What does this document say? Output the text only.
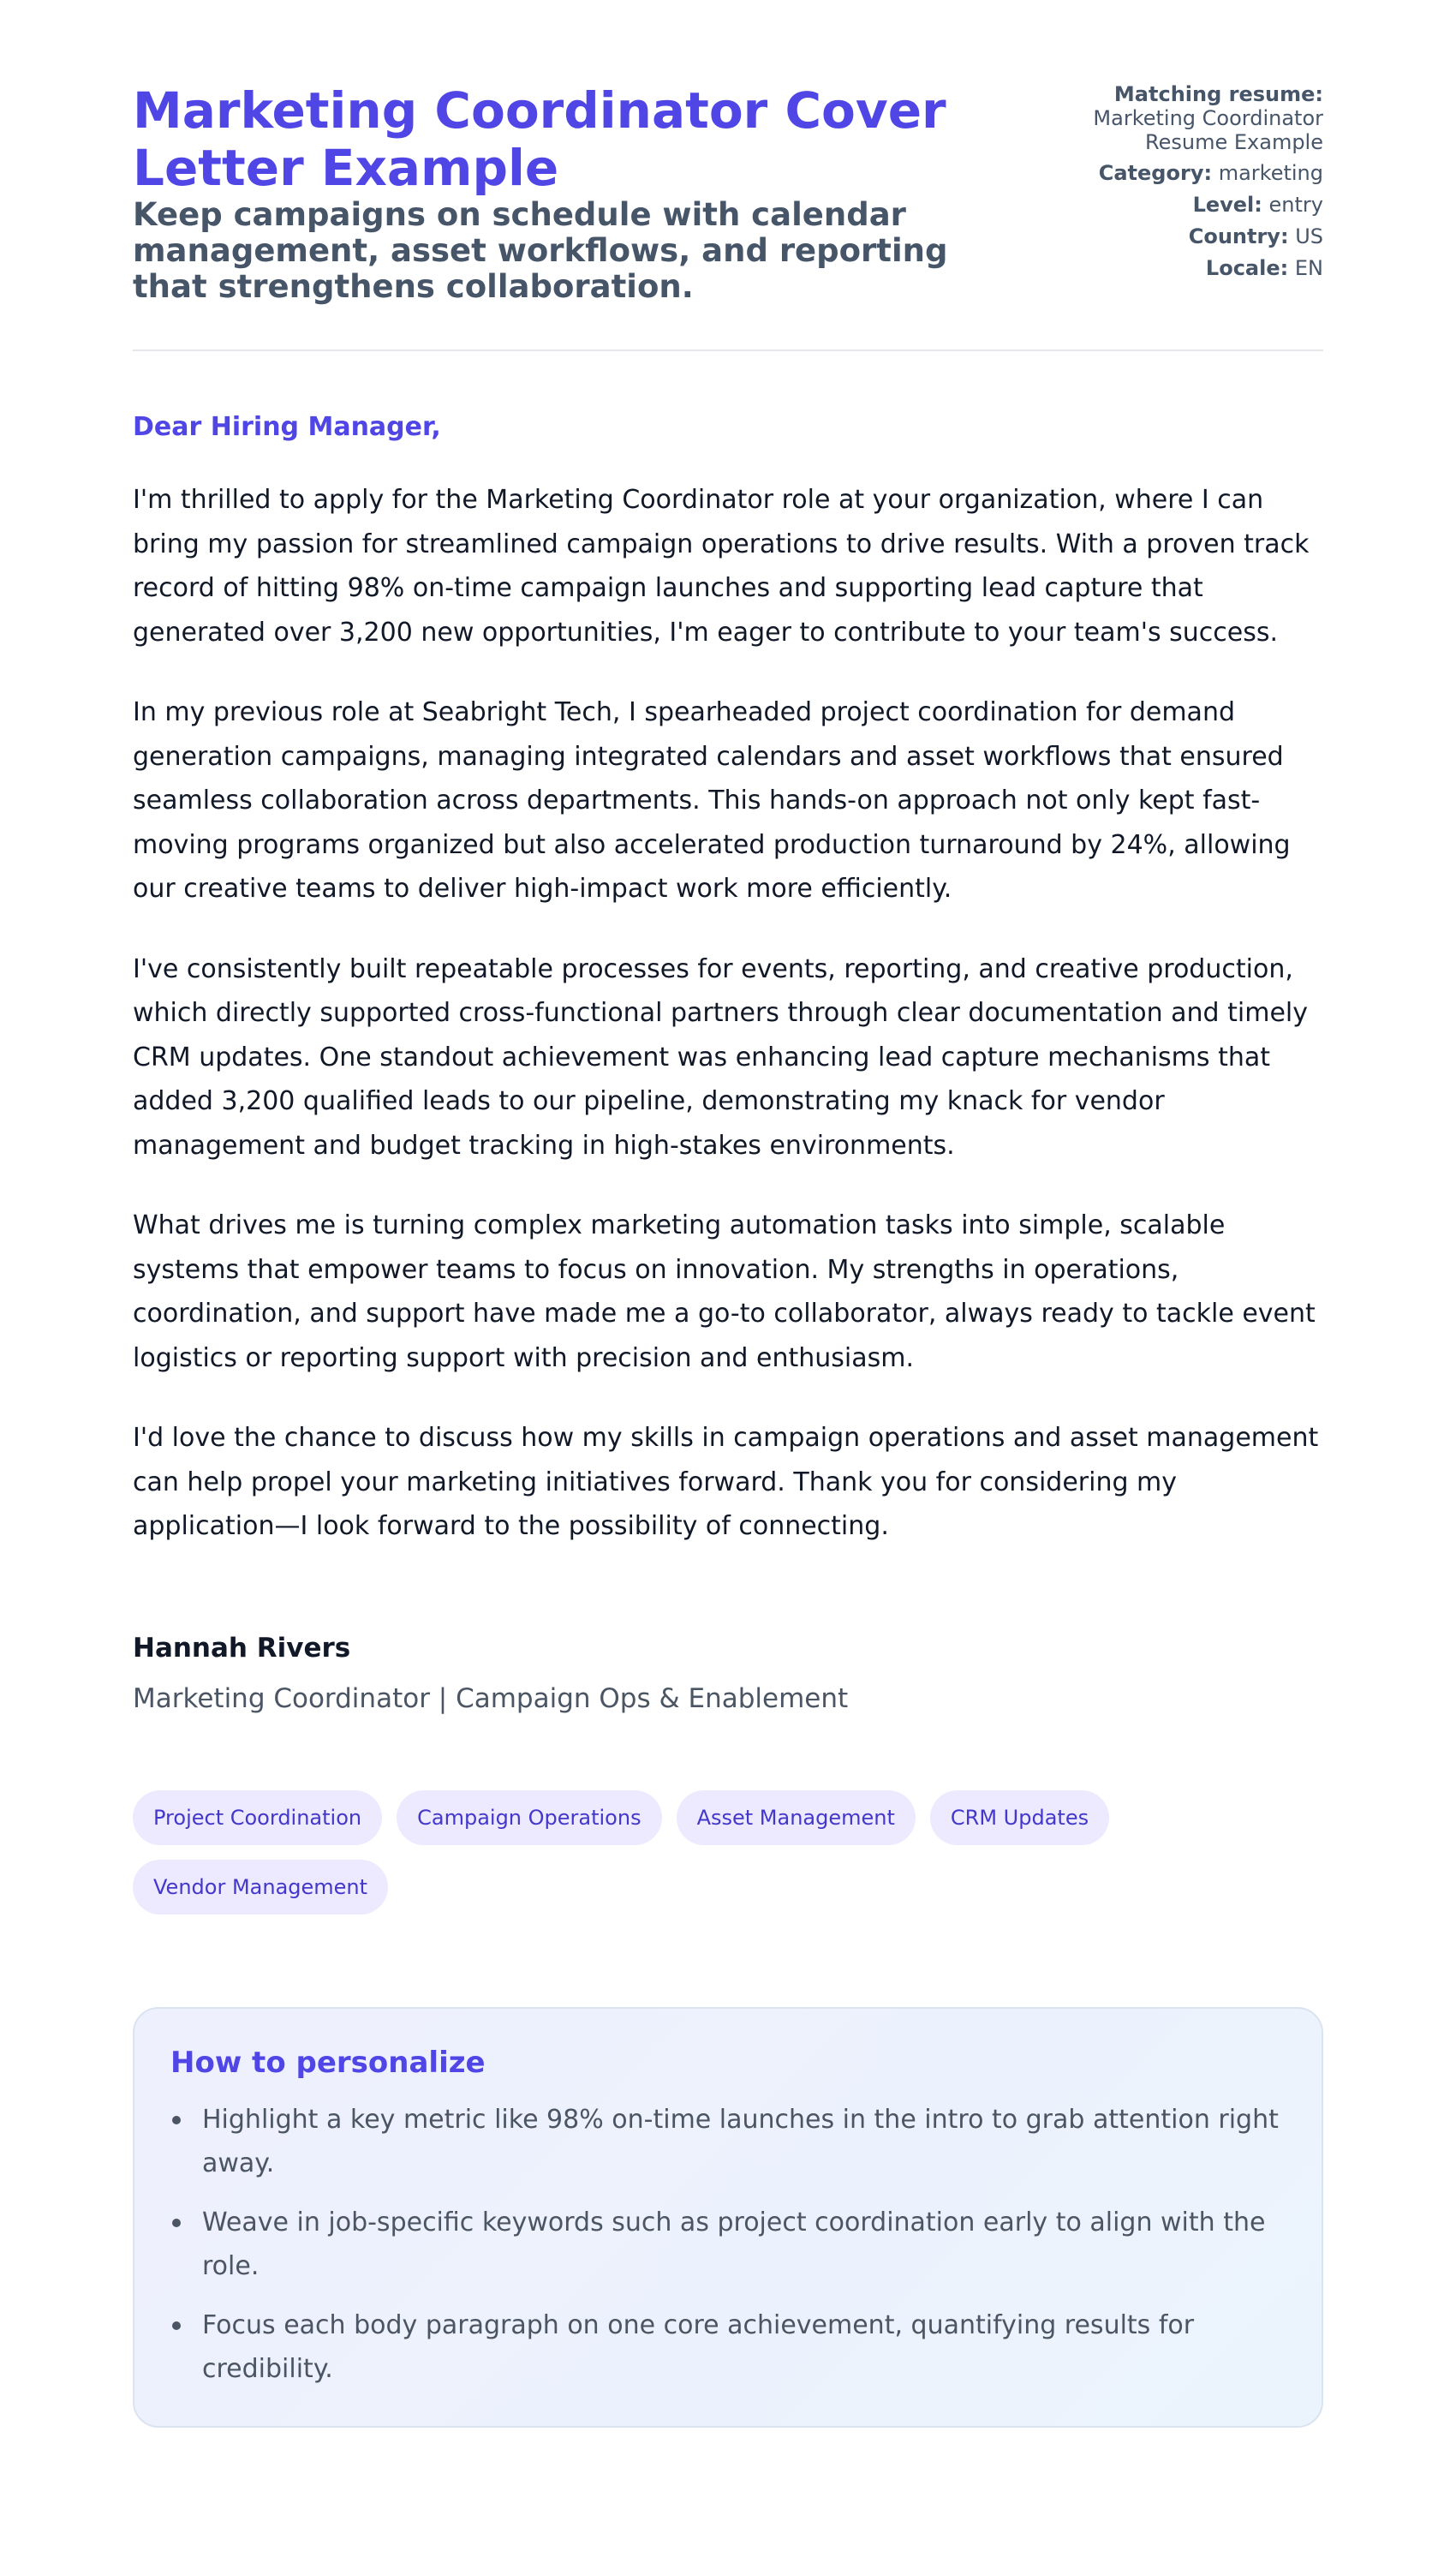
Marketing Coordinator Cover Letter Example
Keep campaigns on schedule with calendar management, asset workflows, and reporting that strengthens collaboration.
Matching resume:
Marketing Coordinator Resume Example
Category: marketing
Level: entry
Country: US
Locale: EN
Dear Hiring Manager,

I'm thrilled to apply for the Marketing Coordinator role at your organization, where I can bring my passion for streamlined campaign operations to drive results. With a proven track record of hitting 98% on-time campaign launches and supporting lead capture that generated over 3,200 new opportunities, I'm eager to contribute to your team's success.

In my previous role at Seabright Tech, I spearheaded project coordination for demand generation campaigns, managing integrated calendars and asset workflows that ensured seamless collaboration across departments. This hands-on approach not only kept fast-moving programs organized but also accelerated production turnaround by 24%, allowing our creative teams to deliver high-impact work more efficiently.

I've consistently built repeatable processes for events, reporting, and creative production, which directly supported cross-functional partners through clear documentation and timely CRM updates. One standout achievement was enhancing lead capture mechanisms that added 3,200 qualified leads to our pipeline, demonstrating my knack for vendor management and budget tracking in high-stakes environments.

What drives me is turning complex marketing automation tasks into simple, scalable systems that empower teams to focus on innovation. My strengths in operations, coordination, and support have made me a go-to collaborator, always ready to tackle event logistics or reporting support with precision and enthusiasm.

I'd love the chance to discuss how my skills in campaign operations and asset management can help propel your marketing initiatives forward. Thank you for considering my application—I look forward to the possibility of connecting.

Hannah Rivers
Marketing Coordinator | Campaign Ops & Enablement
Project Coordination	Campaign Operations	Asset Management	CRM Updates
Vendor Management
How to personalize
Highlight a key metric like 98% on-time launches in the intro to grab attention right away.
Weave in job-specific keywords such as project coordination early to align with the role.
Focus each body paragraph on one core achievement, quantifying results for credibility.
